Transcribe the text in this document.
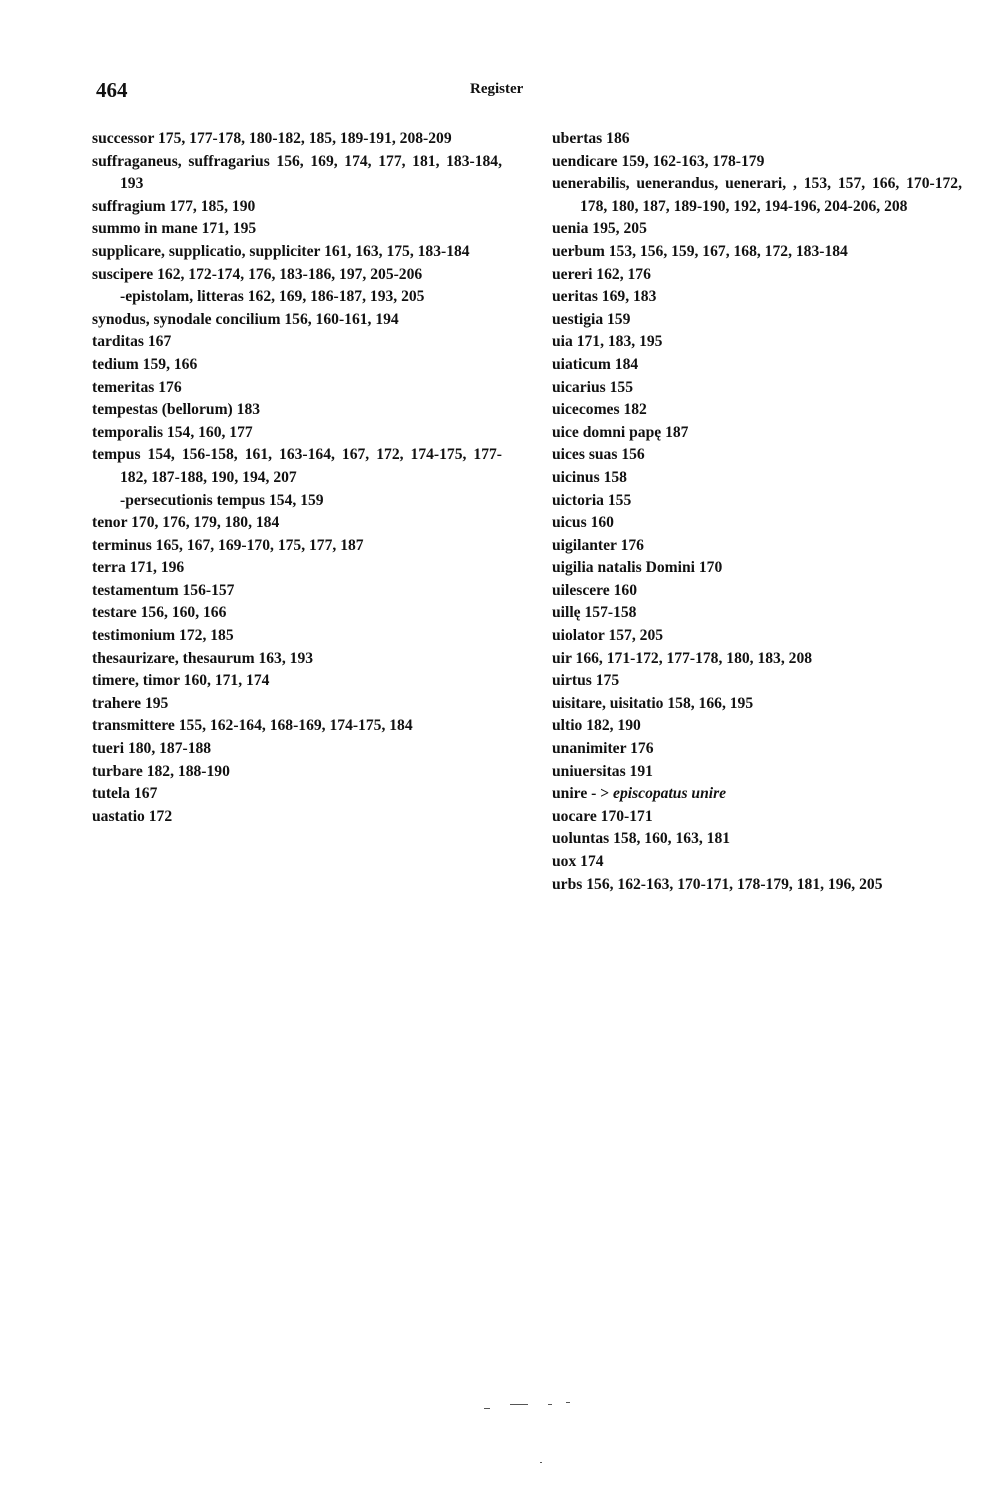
464	Register
successor 175, 177-178, 180-182, 185, 189-191, 208-209
suffraganeus, suffragarius 156, 169, 174, 177, 181, 183-184, 193
suffragium 177, 185, 190
summo in mane 171, 195
supplicare, supplicatio, suppliciter 161, 163, 175, 183-184
suscipere 162, 172-174, 176, 183-186, 197, 205-206
-epistolam, litteras 162, 169, 186-187, 193, 205
synodus, synodale concilium 156, 160-161, 194
tarditas 167
tedium 159, 166
temeritas 176
tempestas (bellorum) 183
temporalis 154, 160, 177
tempus 154, 156-158, 161, 163-164, 167, 172, 174-175, 177-182, 187-188, 190, 194, 207
-persecutionis tempus 154, 159
tenor 170, 176, 179, 180, 184
terminus 165, 167, 169-170, 175, 177, 187
terra 171, 196
testamentum 156-157
testare 156, 160, 166
testimonium 172, 185
thesaurizare, thesaurum 163, 193
timere, timor 160, 171, 174
trahere 195
transmittere 155, 162-164, 168-169, 174-175, 184
tueri 180, 187-188
turbare 182, 188-190
tutela 167
uastatio 172
ubertas 186
uendicare 159, 162-163, 178-179
uenerabilis, uenerandus, uenerari, , 153, 157, 166, 170-172, 178, 180, 187, 189-190, 192, 194-196, 204-206, 208
uenia 195, 205
uerbum 153, 156, 159, 167, 168, 172, 183-184
uereri 162, 176
ueritas 169, 183
uestigia 159
uia 171, 183, 195
uiaticum 184
uicarius 155
uicecomes 182
uice domni papę 187
uices suas 156
uicinus 158
uictoria 155
uicus 160
uigilanter 176
uigilia natalis Domini 170
uilescere 160
uillę 157-158
uiolator 157, 205
uir 166, 171-172, 177-178, 180, 183, 208
uirtus 175
uisitare, uisitatio 158, 166, 195
ultio 182, 190
unanimiter 176
uniuersitas 191
unire - > episcopatus unire
uocare 170-171
uoluntas 158, 160, 163, 181
uox 174
urbs 156, 162-163, 170-171, 178-179, 181, 196, 205
